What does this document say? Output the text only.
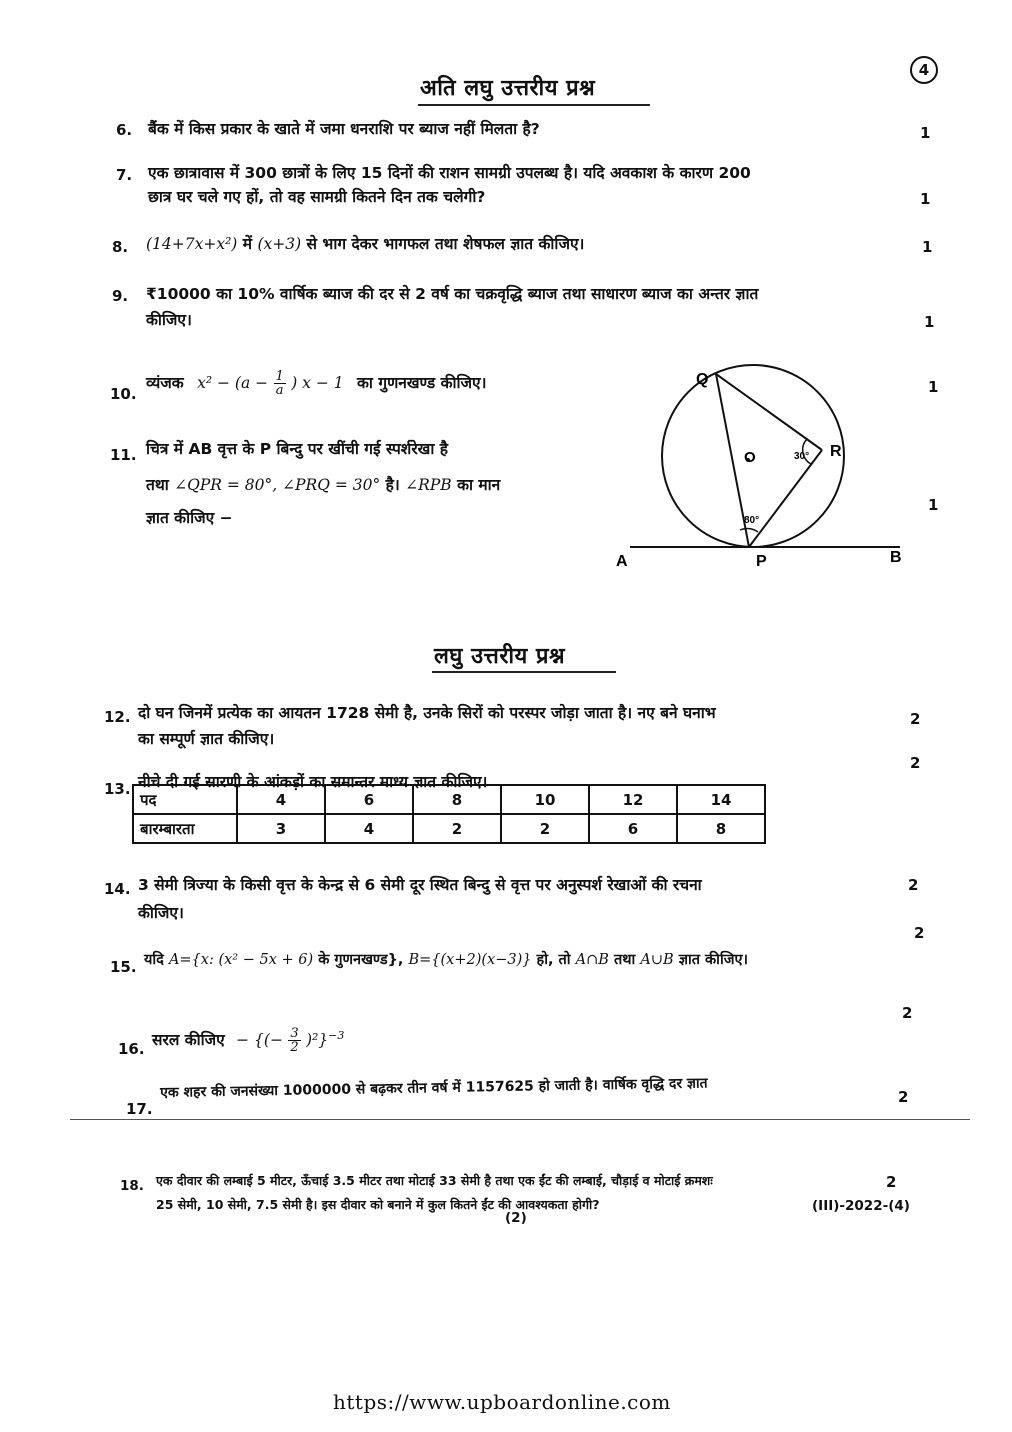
4
अति लघु उत्तरीय प्रश्न
6. बैंक में किस प्रकार के खाते में जमा धनराशि पर ब्याज नहीं मिलता है?	1
7. एक छात्रावास में 300 छात्रों के लिए 15 दिनों की राशन सामग्री उपलब्ध है। यदि अवकाश के कारण 200
छात्र घर चले गए हों, तो वह सामग्री कितने दिन तक चलेगी?	1
8. (14+7x+x²) में (x+3) से भाग देकर भागफल तथा शेषफल ज्ञात कीजिए।	1
9. ₹10000 का 10% वार्षिक ब्याज की दर से 2 वर्ष का चक्रवृद्धि ब्याज तथा साधारण ब्याज का अन्तर ज्ञात
कीजिए।	1
10.
व्यंजक $x^2 - (a - \frac{1}{a}$ ) x − 1 का गुणनखण्ड कीजिए।	1
11. चित्र में AB वृत्त के P बिन्दु पर खींची गई स्पर्शरेखा है
तथा ∠QPR = 80°, ∠PRQ = 30° है। ∠RPB का मान
ज्ञात कीजिए −
1
Q
R
O
P
A	B
30°
80°
लघु उत्तरीय प्रश्न
12. दो घन जिनमें प्रत्येक का आयतन 1728 सेमी है, उनके सिरों को परस्पर जोड़ा जाता है। नए बने घनाभ
का सम्पूर्ण ज्ञात कीजिए।
2
13. नीचे दी गई सारणी के आंकड़ों का समान्तर माध्य ज्ञात कीजिए।
2
पद	4	6	8	10	12	14
बारम्बारता	3	4	2	2	6	8
14. 3 सेमी त्रिज्या के किसी वृत्त के केन्द्र से 6 सेमी दूर स्थित बिन्दु से वृत्त पर अनुस्पर्श रेखाओं की रचना
कीजिए।
2
15. यदि A={x: (x² − 5x + 6) के गुणनखण्ड}, B={(x+2)(x−3)} हो, तो A∩B तथा A∪B ज्ञात कीजिए।
2
16. सरल कीजिए − {(− $\frac{3}{2} )^2\}^{-3}$
2
17.
एक शहर की जनसंख्या 1000000 से बढ़कर तीन वर्ष में 1157625 हो जाती है। वार्षिक वृद्धि दर ज्ञात	2
18. एक दीवार की लम्बाई 5 मीटर, ऊँचाई 3.5 मीटर तथा मोटाई 33 सेमी है तथा एक ईंट की लम्बाई, चौड़ाई व मोटाई क्रमशः
25 सेमी, 10 सेमी, 7.5 सेमी है। इस दीवार को बनाने में कुल कितने ईंट की आवश्यकता होगी?
2
(2)
(III)-2022-(4)
https://www.upboardonline.com
